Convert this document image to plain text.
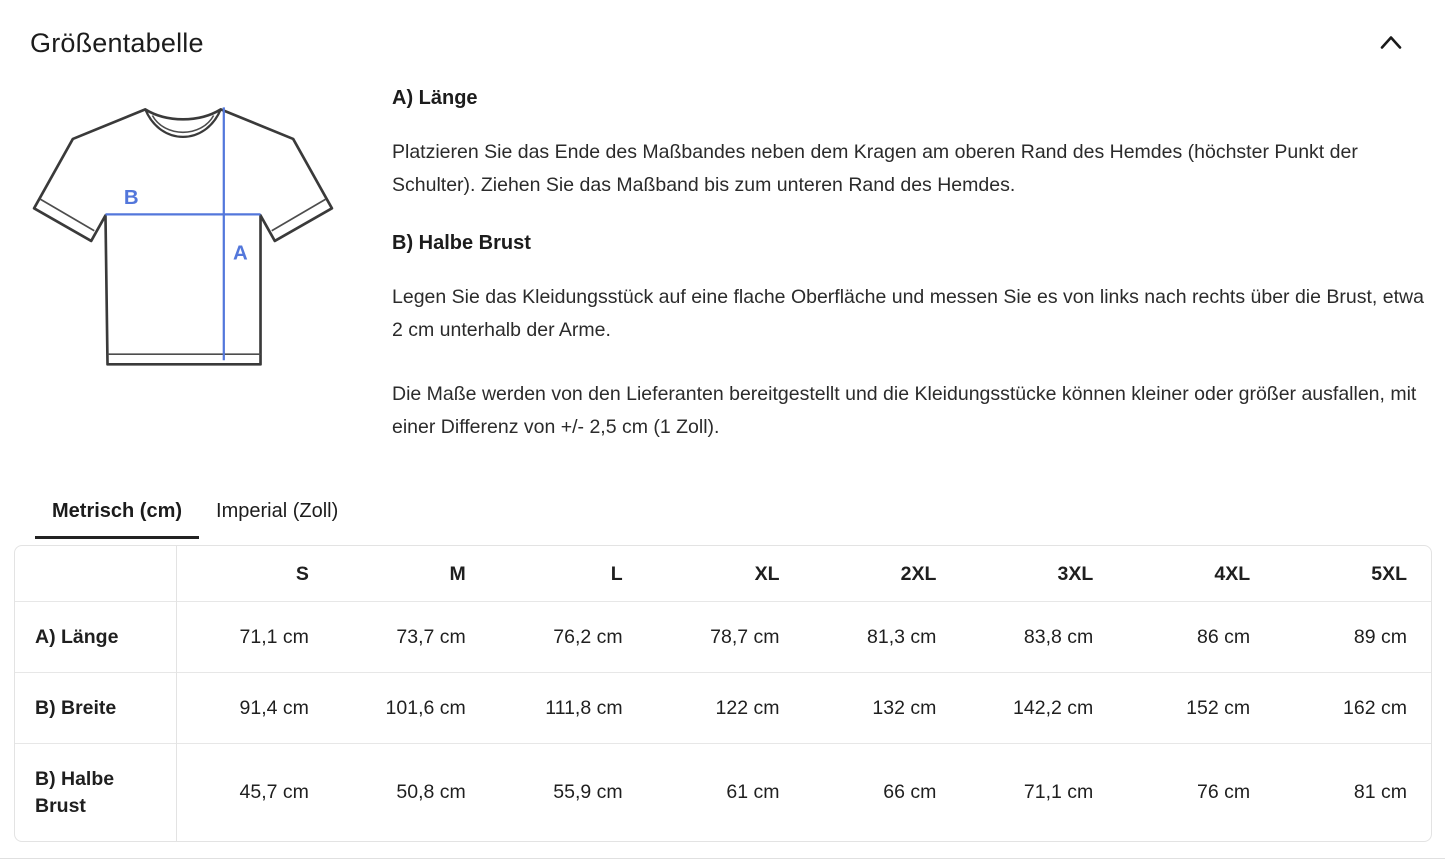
Größentabelle
B
A
A) Länge

Platzieren Sie das Ende des Maßbandes neben dem Kragen am oberen Rand des Hemdes (höchster Punkt der Schulter). Ziehen Sie das Maßband bis zum unteren Rand des Hemdes.

B) Halbe Brust

Legen Sie das Kleidungsstück auf eine flache Oberfläche und messen Sie es von links nach rechts über die Brust, etwa 2 cm unterhalb der Arme.

Die Maße werden von den Lieferanten bereitgestellt und die Kleidungsstücke können kleiner oder größer ausfallen, mit einer Differenz von +/- 2,5 cm (1 Zoll).

Metrisch (cm)	Imperial (Zoll)
	S	M	L	XL	2XL	3XL	4XL	5XL
A) Länge	71,1 cm	73,7 cm	76,2 cm	78,7 cm	81,3 cm	83,8 cm	86 cm	89 cm
B) Breite	91,4 cm	101,6 cm	111,8 cm	122 cm	132 cm	142,2 cm	152 cm	162 cm
B) Halbe Brust	45,7 cm	50,8 cm	55,9 cm	61 cm	66 cm	71,1 cm	76 cm	81 cm
